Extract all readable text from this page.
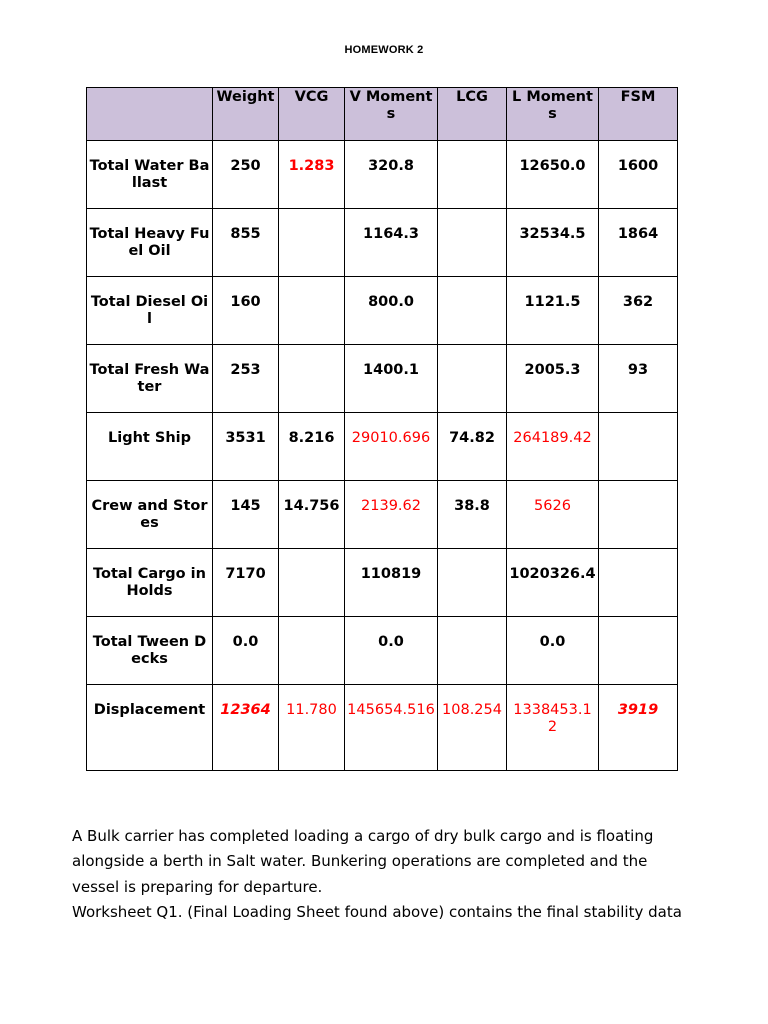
HOMEWORK 2
	Weight	VCG	V Moments	LCG	L Moments	FSM
Total Water Ballast	250	1.283	320.8		12650.0	1600
Total Heavy Fuel Oil	855		1164.3		32534.5	1864
Total Diesel Oil	160		800.0		1121.5	362
Total Fresh Water	253		1400.1		2005.3	93
Light Ship	3531	8.216	29010.696	74.82	264189.42	
Crew and Stores	145	14.756	2139.62	38.8	5626	
Total Cargo in Holds	7170		110819		1020326.4	
Total Tween Decks	0.0		0.0		0.0	
Displacement	12364	11.780	145654.516	108.254	1338453.12	3919
A Bulk carrier has completed loading a cargo of dry bulk cargo and is floating
alongside a berth in Salt water. Bunkering operations are completed and the
vessel is preparing for departure.
Worksheet Q1. (Final Loading Sheet found above) contains the final stability data
